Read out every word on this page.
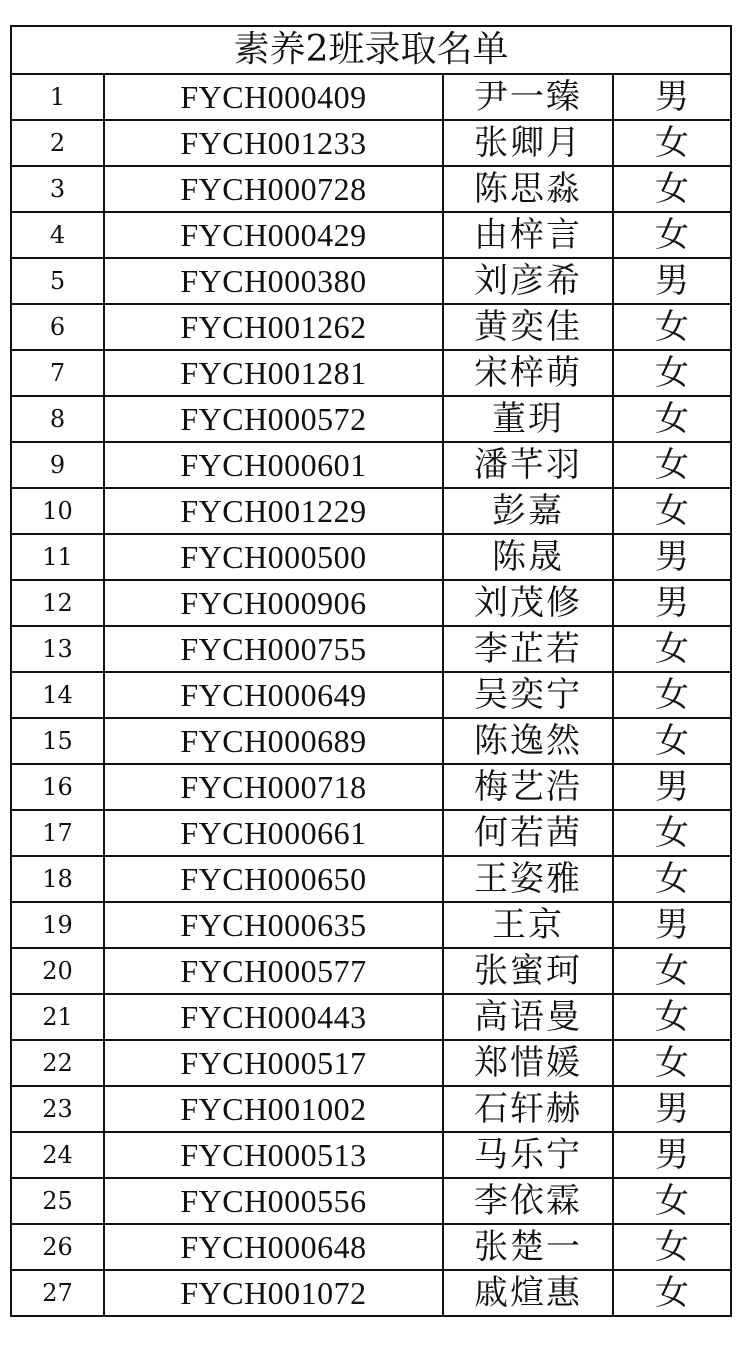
素养2班录取名单			
1	FYCH000409	尹一臻	男
2	FYCH001233	张卿月	女
3	FYCH000728	陈思淼	女
4	FYCH000429	由梓言	女
5	FYCH000380	刘彦希	男
6	FYCH001262	黄奕佳	女
7	FYCH001281	宋梓萌	女
8	FYCH000572	董玥	女
9	FYCH000601	潘芊羽	女
10	FYCH001229	彭嘉	女
11	FYCH000500	陈晟	男
12	FYCH000906	刘茂修	男
13	FYCH000755	李芷若	女
14	FYCH000649	吴奕宁	女
15	FYCH000689	陈逸然	女
16	FYCH000718	梅艺浩	男
17	FYCH000661	何若茜	女
18	FYCH000650	王姿雅	女
19	FYCH000635	王京	男
20	FYCH000577	张蜜珂	女
21	FYCH000443	高语曼	女
22	FYCH000517	郑惜媛	女
23	FYCH001002	石轩赫	男
24	FYCH000513	马乐宁	男
25	FYCH000556	李依霖	女
26	FYCH000648	张楚一	女
27	FYCH001072	戚煊惠	女
